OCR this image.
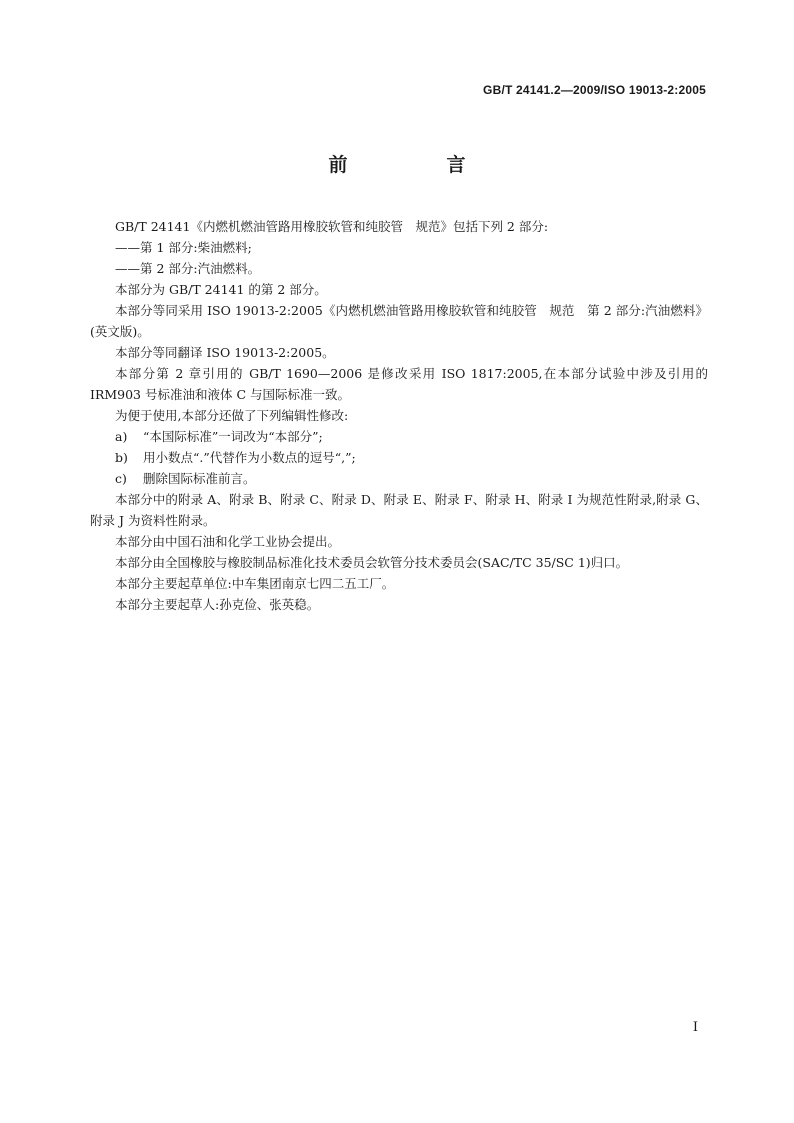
GB/T 24141.2—2009/ISO 19013-2:2005
前　言

GB/T 24141《内燃机燃油管路用橡胶软管和纯胶管　规范》包括下列 2 部分:

——第 1 部分:柴油燃料;

——第 2 部分:汽油燃料。

本部分为 GB/T 24141 的第 2 部分。

本部分等同采用 ISO 19013-2:2005《内燃机燃油管路用橡胶软管和纯胶管　规范　第 2 部分:汽油燃料》(英文版)。

本部分等同翻译 ISO 19013-2:2005。

本部分第 2 章引用的 GB/T 1690—2006 是修改采用 ISO 1817:2005,在本部分试验中涉及引用的 IRM903 号标准油和液体 C 与国际标准一致。

为便于使用,本部分还做了下列编辑性修改:

a) “本国际标准”一词改为“本部分”;

b) 用小数点“.”代替作为小数点的逗号“,”;

c) 删除国际标准前言。

本部分中的附录 A、附录 B、附录 C、附录 D、附录 E、附录 F、附录 H、附录 I 为规范性附录,附录 G、附录 J 为资料性附录。

本部分由中国石油和化学工业协会提出。

本部分由全国橡胶与橡胶制品标准化技术委员会软管分技术委员会(SAC/TC 35/SC 1)归口。

本部分主要起草单位:中车集团南京七四二五工厂。

本部分主要起草人:孙克俭、张英稳。

I
